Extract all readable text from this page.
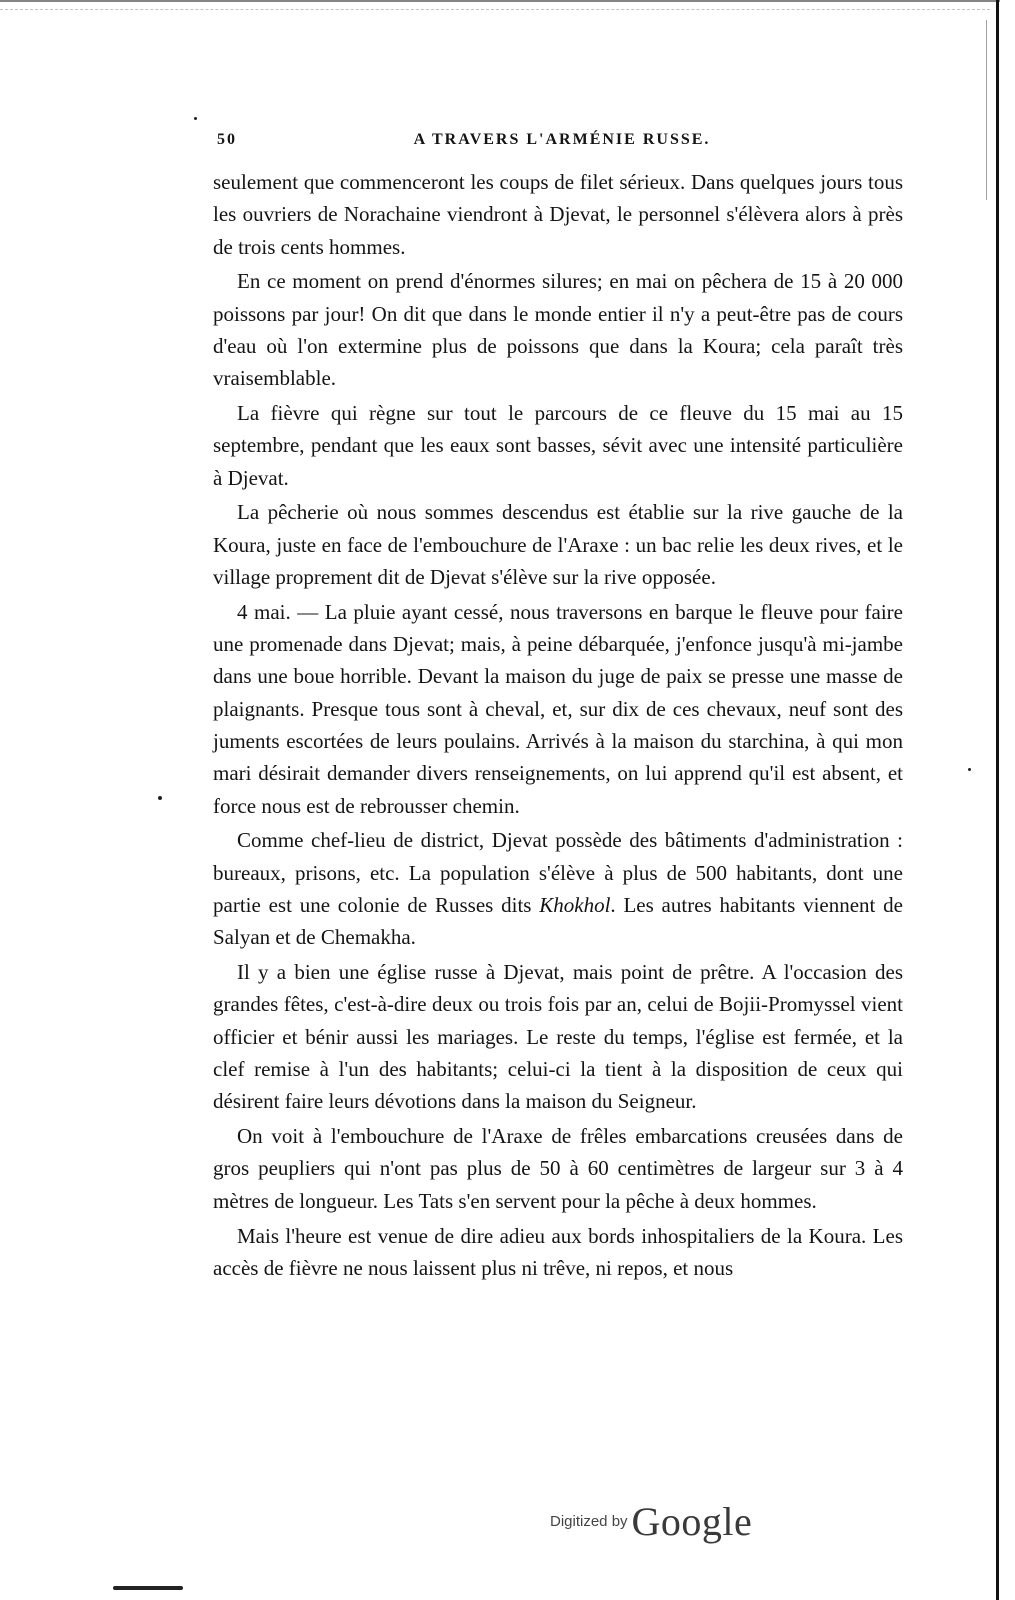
50	A TRAVERS L'ARMÉNIE RUSSE.

seulement que commenceront les coups de filet sérieux. Dans quelques jours tous les ouvriers de Norachaine viendront à Djevat, le personnel s'élèvera alors à près de trois cents hommes.

En ce moment on prend d'énormes silures; en mai on pêchera de 15 à 20 000 poissons par jour! On dit que dans le monde entier il n'y a peut-être pas de cours d'eau où l'on extermine plus de poissons que dans la Koura; cela paraît très vraisemblable.

La fièvre qui règne sur tout le parcours de ce fleuve du 15 mai au 15 septembre, pendant que les eaux sont basses, sévit avec une intensité particulière à Djevat.

La pêcherie où nous sommes descendus est établie sur la rive gauche de la Koura, juste en face de l'embouchure de l'Araxe : un bac relie les deux rives, et le village proprement dit de Djevat s'élève sur la rive opposée.

4 mai. — La pluie ayant cessé, nous traversons en barque le fleuve pour faire une promenade dans Djevat; mais, à peine débarquée, j'enfonce jusqu'à mi-jambe dans une boue horrible. Devant la maison du juge de paix se presse une masse de plaignants. Presque tous sont à cheval, et, sur dix de ces chevaux, neuf sont des juments escortées de leurs poulains. Arrivés à la maison du starchina, à qui mon mari désirait demander divers renseignements, on lui apprend qu'il est absent, et force nous est de rebrousser chemin.

Comme chef-lieu de district, Djevat possède des bâtiments d'administration : bureaux, prisons, etc. La population s'élève à plus de 500 habitants, dont une partie est une colonie de Russes dits Khokhol. Les autres habitants viennent de Salyan et de Chemakha.

Il y a bien une église russe à Djevat, mais point de prêtre. A l'occasion des grandes fêtes, c'est-à-dire deux ou trois fois par an, celui de Bojii-Promyssel vient officier et bénir aussi les mariages. Le reste du temps, l'église est fermée, et la clef remise à l'un des habitants; celui-ci la tient à la disposition de ceux qui désirent faire leurs dévotions dans la maison du Seigneur.

On voit à l'embouchure de l'Araxe de frêles embarcations creusées dans de gros peupliers qui n'ont pas plus de 50 à 60 centimètres de largeur sur 3 à 4 mètres de longueur. Les Tats s'en servent pour la pêche à deux hommes.

Mais l'heure est venue de dire adieu aux bords inhospitaliers de la Koura. Les accès de fièvre ne nous laissent plus ni trêve, ni repos, et nous

Digitized by Google
